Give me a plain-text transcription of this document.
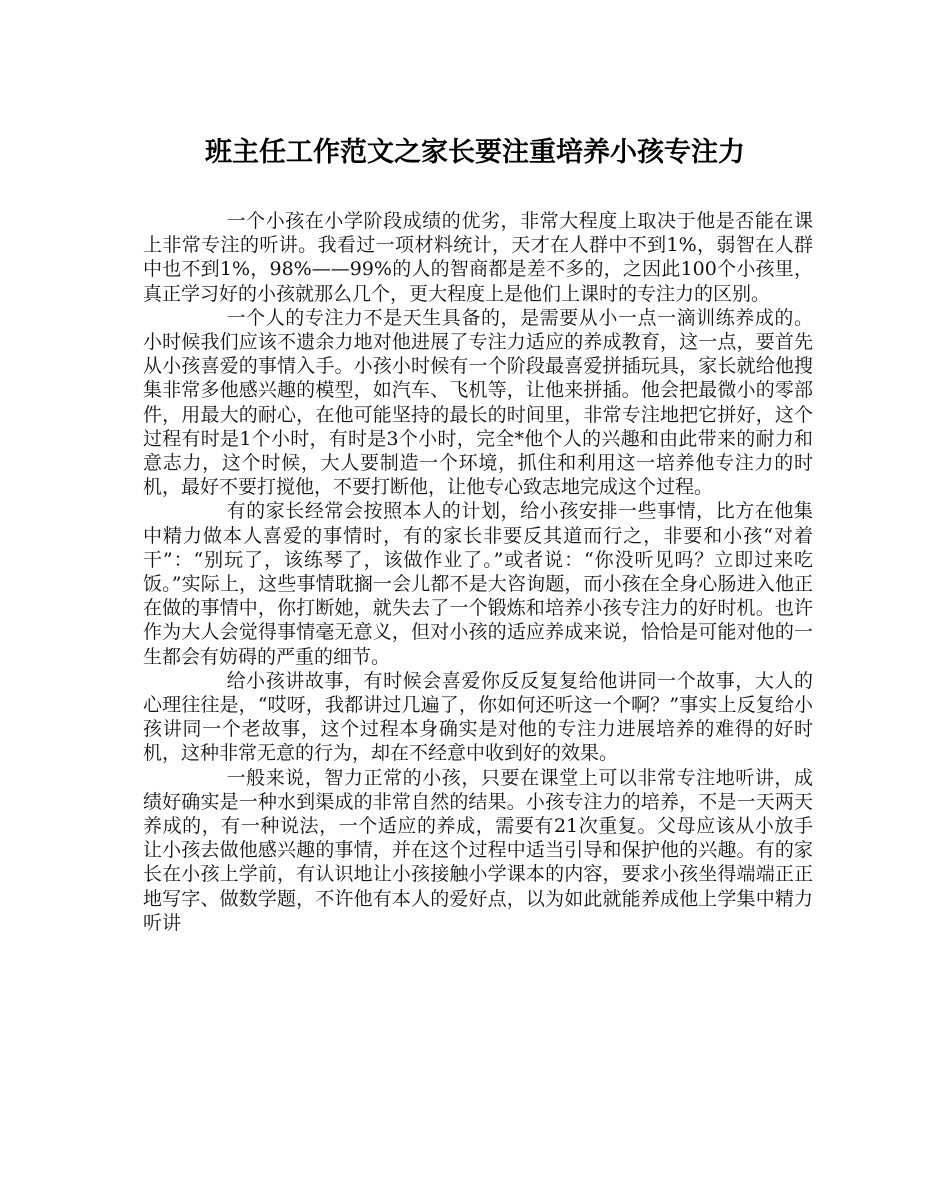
班主任工作范文之家长要注重培养小孩专注力

一个小孩在小学阶段成绩的优劣，非常大程度上取决于他是否能在课上非常专注的听讲。我看过一项材料统计，天才在人群中不到1%，弱智在人群中也不到1%，98%——99%的人的智商都是差不多的，之因此100个小孩里，真正学习好的小孩就那么几个，更大程度上是他们上课时的专注力的区别。

一个人的专注力不是天生具备的，是需要从小一点一滴训练养成的。小时候我们应该不遗余力地对他进展了专注力适应的养成教育，这一点，要首先从小孩喜爱的事情入手。小孩小时候有一个阶段最喜爱拼插玩具，家长就给他搜集非常多他感兴趣的模型，如汽车、飞机等，让他来拼插。他会把最微小的零部件，用最大的耐心，在他可能坚持的最长的时间里，非常专注地把它拼好，这个过程有时是1个小时，有时是3个小时，完全*他个人的兴趣和由此带来的耐力和意志力，这个时候，大人要制造一个环境，抓住和利用这一培养他专注力的时机，最好不要打搅他，不要打断他，让他专心致志地完成这个过程。

有的家长经常会按照本人的计划，给小孩安排一些事情，比方在他集中精力做本人喜爱的事情时，有的家长非要反其道而行之，非要和小孩“对着干”：“别玩了，该练琴了，该做作业了。”或者说：“你没听见吗？立即过来吃饭。”实际上，这些事情耽搁一会儿都不是大咨询题，而小孩在全身心肠进入他正在做的事情中，你打断她，就失去了一个锻炼和培养小孩专注力的好时机。也许作为大人会觉得事情毫无意义，但对小孩的适应养成来说，恰恰是可能对他的一生都会有妨碍的严重的细节。

给小孩讲故事，有时候会喜爱你反反复复给他讲同一个故事，大人的心理往往是，“哎呀，我都讲过几遍了，你如何还听这一个啊？”事实上反复给小孩讲同一个老故事，这个过程本身确实是对他的专注力进展培养的难得的好时机，这种非常无意的行为，却在不经意中收到好的效果。

一般来说，智力正常的小孩，只要在课堂上可以非常专注地听讲，成绩好确实是一种水到渠成的非常自然的结果。小孩专注力的培养，不是一天两天养成的，有一种说法，一个适应的养成，需要有21次重复。父母应该从小放手让小孩去做他感兴趣的事情，并在这个过程中适当引导和保护他的兴趣。有的家长在小孩上学前，有认识地让小孩接触小学课本的内容，要求小孩坐得端端正正地写字、做数学题，不许他有本人的爱好点，以为如此就能养成他上学集中精力听讲
